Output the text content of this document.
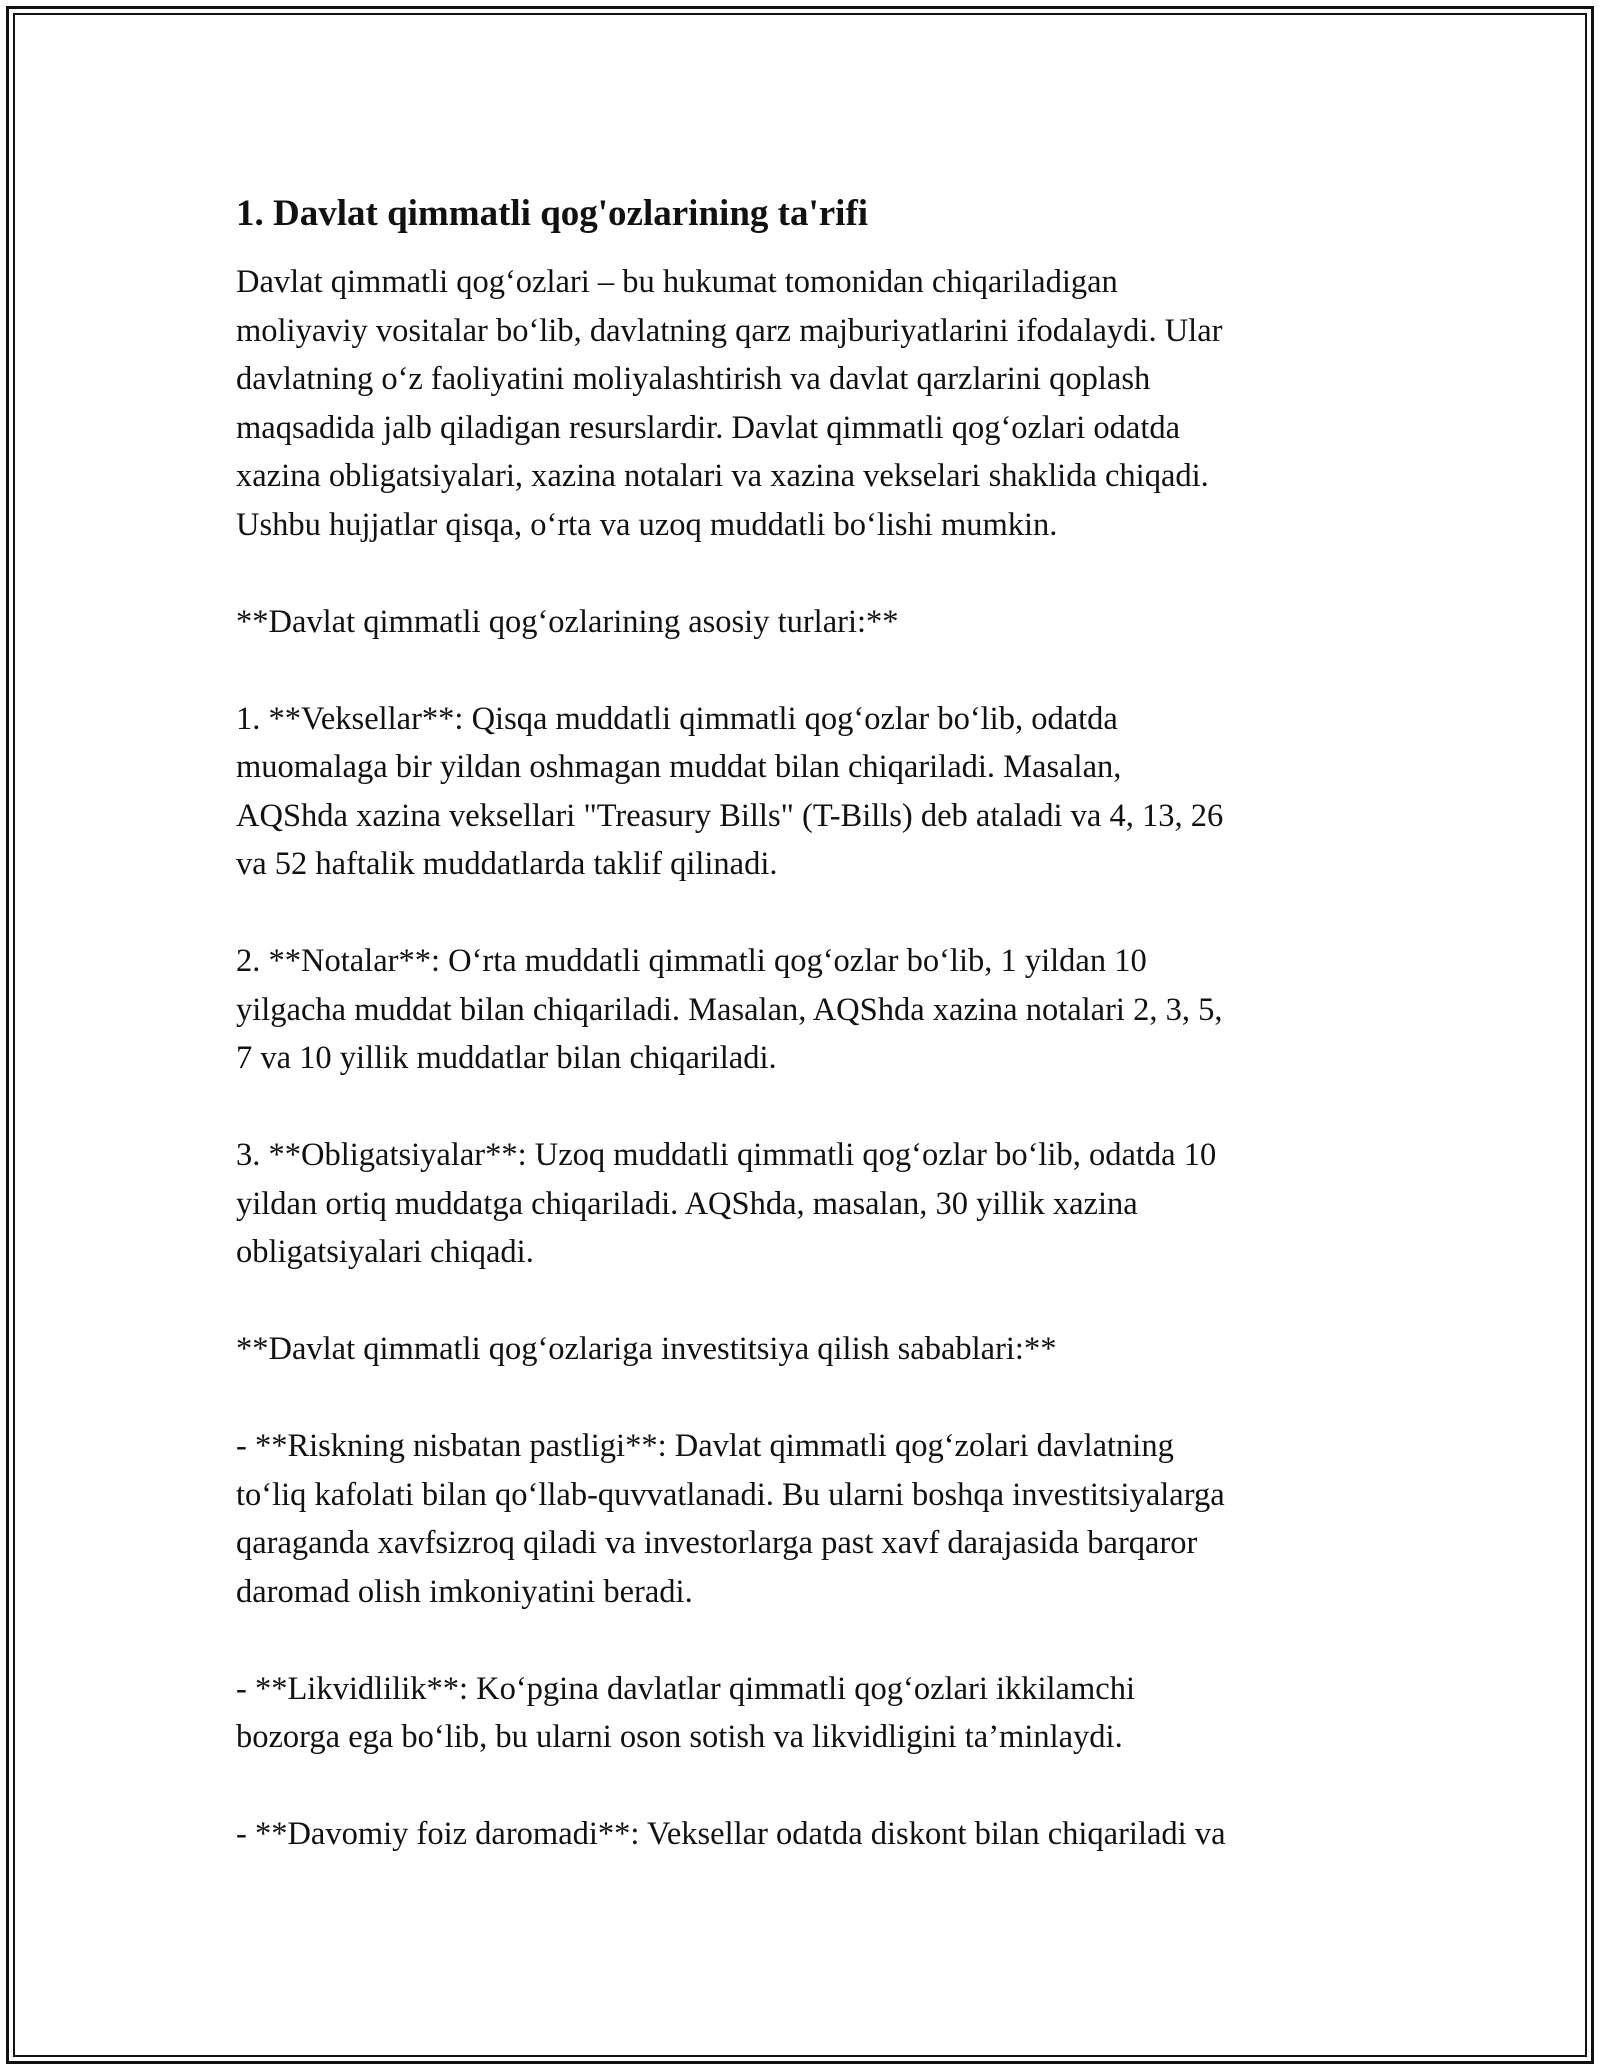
1. Davlat qimmatli qog'ozlarining ta'rifi
Davlat qimmatli qog‘ozlari – bu hukumat tomonidan chiqariladigan
moliyaviy vositalar bo‘lib, davlatning qarz majburiyatlarini ifodalaydi. Ular
davlatning o‘z faoliyatini moliyalashtirish va davlat qarzlarini qoplash
maqsadida jalb qiladigan resurslardir. Davlat qimmatli qog‘ozlari odatda
xazina obligatsiyalari, xazina notalari va xazina vekselari shaklida chiqadi.
Ushbu hujjatlar qisqa, o‘rta va uzoq muddatli bo‘lishi mumkin.
**Davlat qimmatli qog‘ozlarining asosiy turlari:**
1. **Veksellar**: Qisqa muddatli qimmatli qog‘ozlar bo‘lib, odatda
muomalaga bir yildan oshmagan muddat bilan chiqariladi. Masalan,
AQShda xazina veksellari "Treasury Bills" (T-Bills) deb ataladi va 4, 13, 26
va 52 haftalik muddatlarda taklif qilinadi.
2. **Notalar**: O‘rta muddatli qimmatli qog‘ozlar bo‘lib, 1 yildan 10
yilgacha muddat bilan chiqariladi. Masalan, AQShda xazina notalari 2, 3, 5,
7 va 10 yillik muddatlar bilan chiqariladi.
3. **Obligatsiyalar**: Uzoq muddatli qimmatli qog‘ozlar bo‘lib, odatda 10
yildan ortiq muddatga chiqariladi. AQShda, masalan, 30 yillik xazina
obligatsiyalari chiqadi.
**Davlat qimmatli qog‘ozlariga investitsiya qilish sabablari:**
- **Riskning nisbatan pastligi**: Davlat qimmatli qog‘zolari davlatning
to‘liq kafolati bilan qo‘llab-quvvatlanadi. Bu ularni boshqa investitsiyalarga
qaraganda xavfsizroq qiladi va investorlarga past xavf darajasida barqaror
daromad olish imkoniyatini beradi.
- **Likvidlilik**: Ko‘pgina davlatlar qimmatli qog‘ozlari ikkilamchi
bozorga ega bo‘lib, bu ularni oson sotish va likvidligini ta’minlaydi.
- **Davomiy foiz daromadi**: Veksellar odatda diskont bilan chiqariladi va
